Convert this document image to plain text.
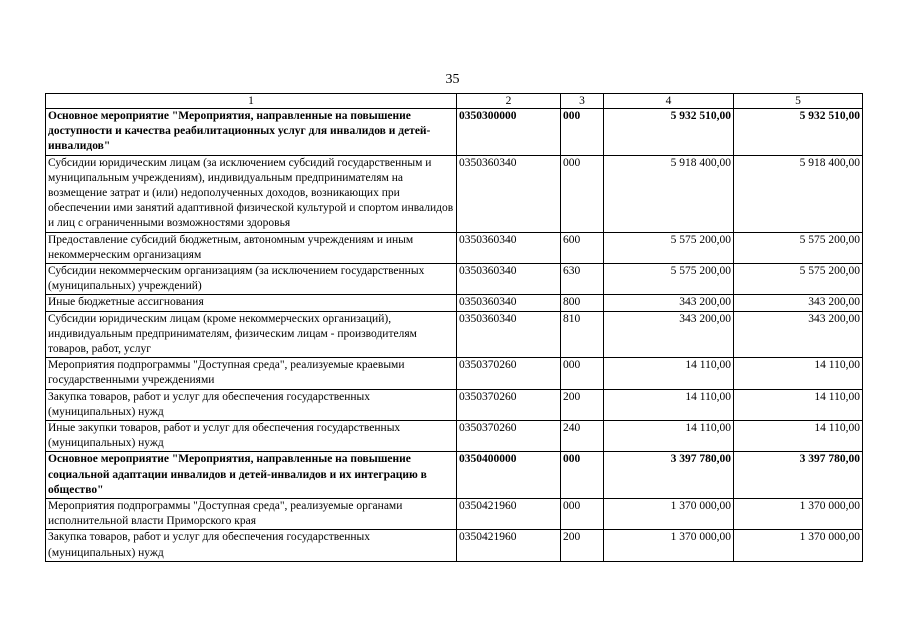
35
1	2	3	4	5
Основное мероприятие "Мероприятия, направленные на повышение доступности и качества реабилитационных услуг для инвалидов и детей-инвалидов"	0350300000	000	5 932 510,00	5 932 510,00
Субсидии юридическим лицам (за исключением субсидий государственным и муниципальным учреждениям), индивидуальным предпринимателям на возмещение затрат и (или) недополученных доходов, возникающих при обеспечении ими занятий адаптивной физической культурой и спортом инвалидов и лиц с ограниченными возможностями здоровья	0350360340	000	5 918 400,00	5 918 400,00
Предоставление субсидий бюджетным, автономным учреждениям и иным некоммерческим организациям	0350360340	600	5 575 200,00	5 575 200,00
Субсидии некоммерческим организациям (за исключением государственных (муниципальных) учреждений)	0350360340	630	5 575 200,00	5 575 200,00
Иные бюджетные ассигнования	0350360340	800	343 200,00	343 200,00
Субсидии юридическим лицам (кроме некоммерческих организаций), индивидуальным предпринимателям, физическим лицам - производителям товаров, работ, услуг	0350360340	810	343 200,00	343 200,00
Мероприятия подпрограммы "Доступная среда", реализуемые краевыми государственными учреждениями	0350370260	000	14 110,00	14 110,00
Закупка товаров, работ и услуг для обеспечения государственных (муниципальных) нужд	0350370260	200	14 110,00	14 110,00
Иные закупки товаров, работ и услуг для обеспечения государственных (муниципальных) нужд	0350370260	240	14 110,00	14 110,00
Основное мероприятие "Мероприятия, направленные на повышение социальной адаптации инвалидов и детей-инвалидов и их интеграцию в общество"	0350400000	000	3 397 780,00	3 397 780,00
Мероприятия подпрограммы "Доступная среда", реализуемые органами исполнительной власти Приморского края	0350421960	000	1 370 000,00	1 370 000,00
Закупка товаров, работ и услуг для обеспечения государственных (муниципальных) нужд	0350421960	200	1 370 000,00	1 370 000,00
